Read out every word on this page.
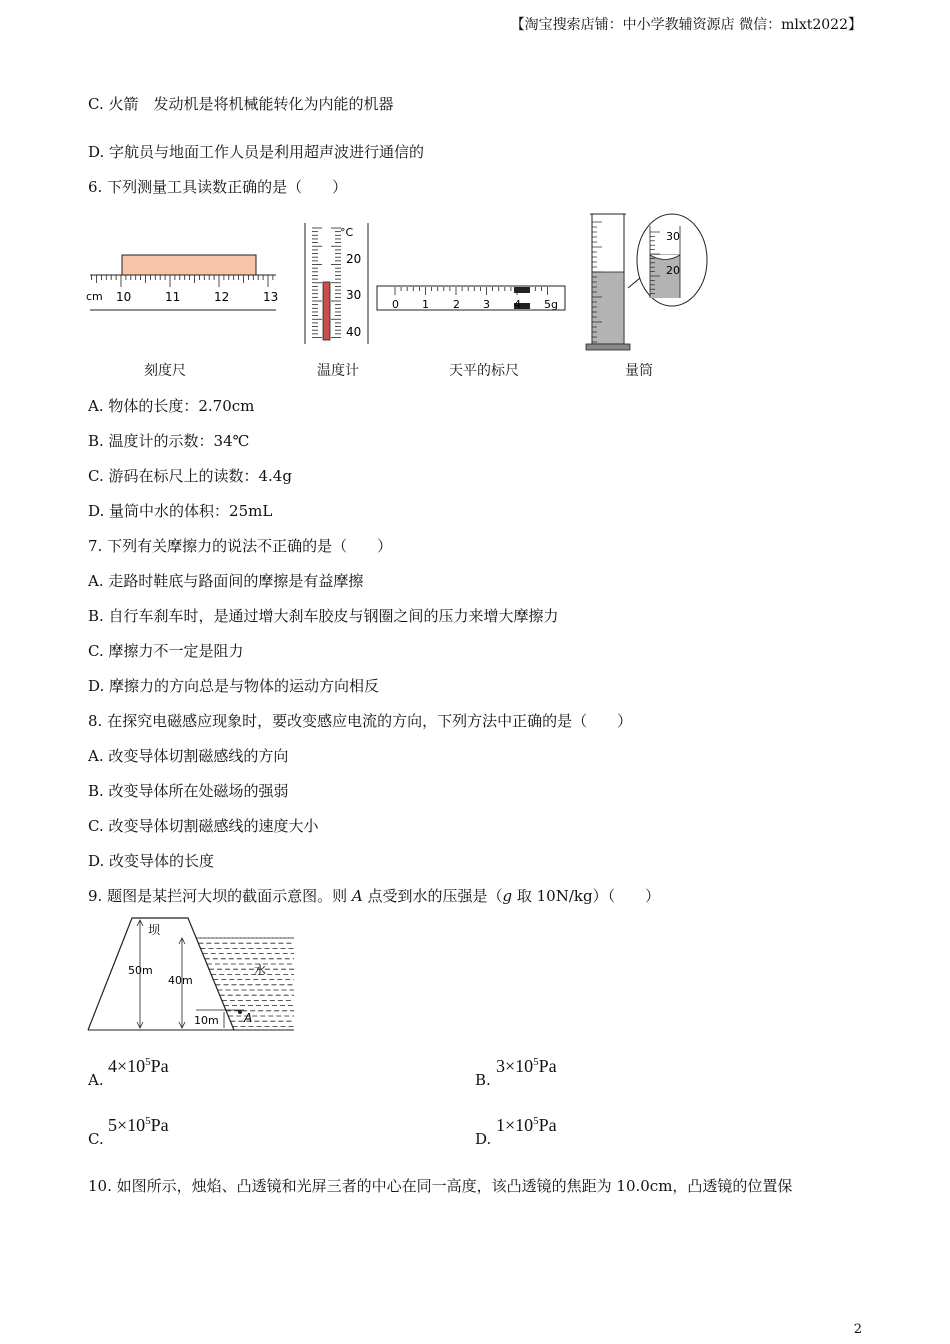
【淘宝搜索店铺：中小学教辅资源店 微信：mlxt2022】
C. 火箭　发动机是将机械能转化为内能的机器
D. 字航员与地面工作人员是利用超声波进行通信的
6. 下列测量工具读数正确的是（　　）
cm 10	11	12	13
°C
20
30
40
0 1 2 3 4 5g
30
20
刻度尺	温度计	天平的标尺	量筒
A. 物体的长度：2.70cm
B. 温度计的示数：34℃
C. 游码在标尺上的读数：4.4g
D. 量筒中水的体积：25mL
7. 下列有关摩擦力的说法不正确的是（　　）
A. 走路时鞋底与路面间的摩擦是有益摩擦
B. 自行车刹车时，是通过增大刹车胶皮与钢圈之间的压力来增大摩擦力
C. 摩擦力不一定是阻力
D. 摩擦力的方向总是与物体的运动方向相反
8. 在探究电磁感应现象时，要改变感应电流的方向，下列方法中正确的是（　　）
A. 改变导体切割磁感线的方向
B. 改变导体所在处磁场的强弱
C. 改变导体切割磁感线的速度大小
D. 改变导体的长度
9. 题图是某拦河大坝的截面示意图。则 A 点受到水的压强是（g 取 10N/kg）（　　）
坝
水
50m
40m
10m A
A.
$4\times 10^5Pa$
B.
$3\times 10^5Pa$
C.
$5\times 10^5Pa$
D.
$1\times 10^5Pa$
10. 如图所示，烛焰、凸透镜和光屏三者的中心在同一高度，该凸透镜的焦距为 10.0cm，凸透镜的位置保
2
